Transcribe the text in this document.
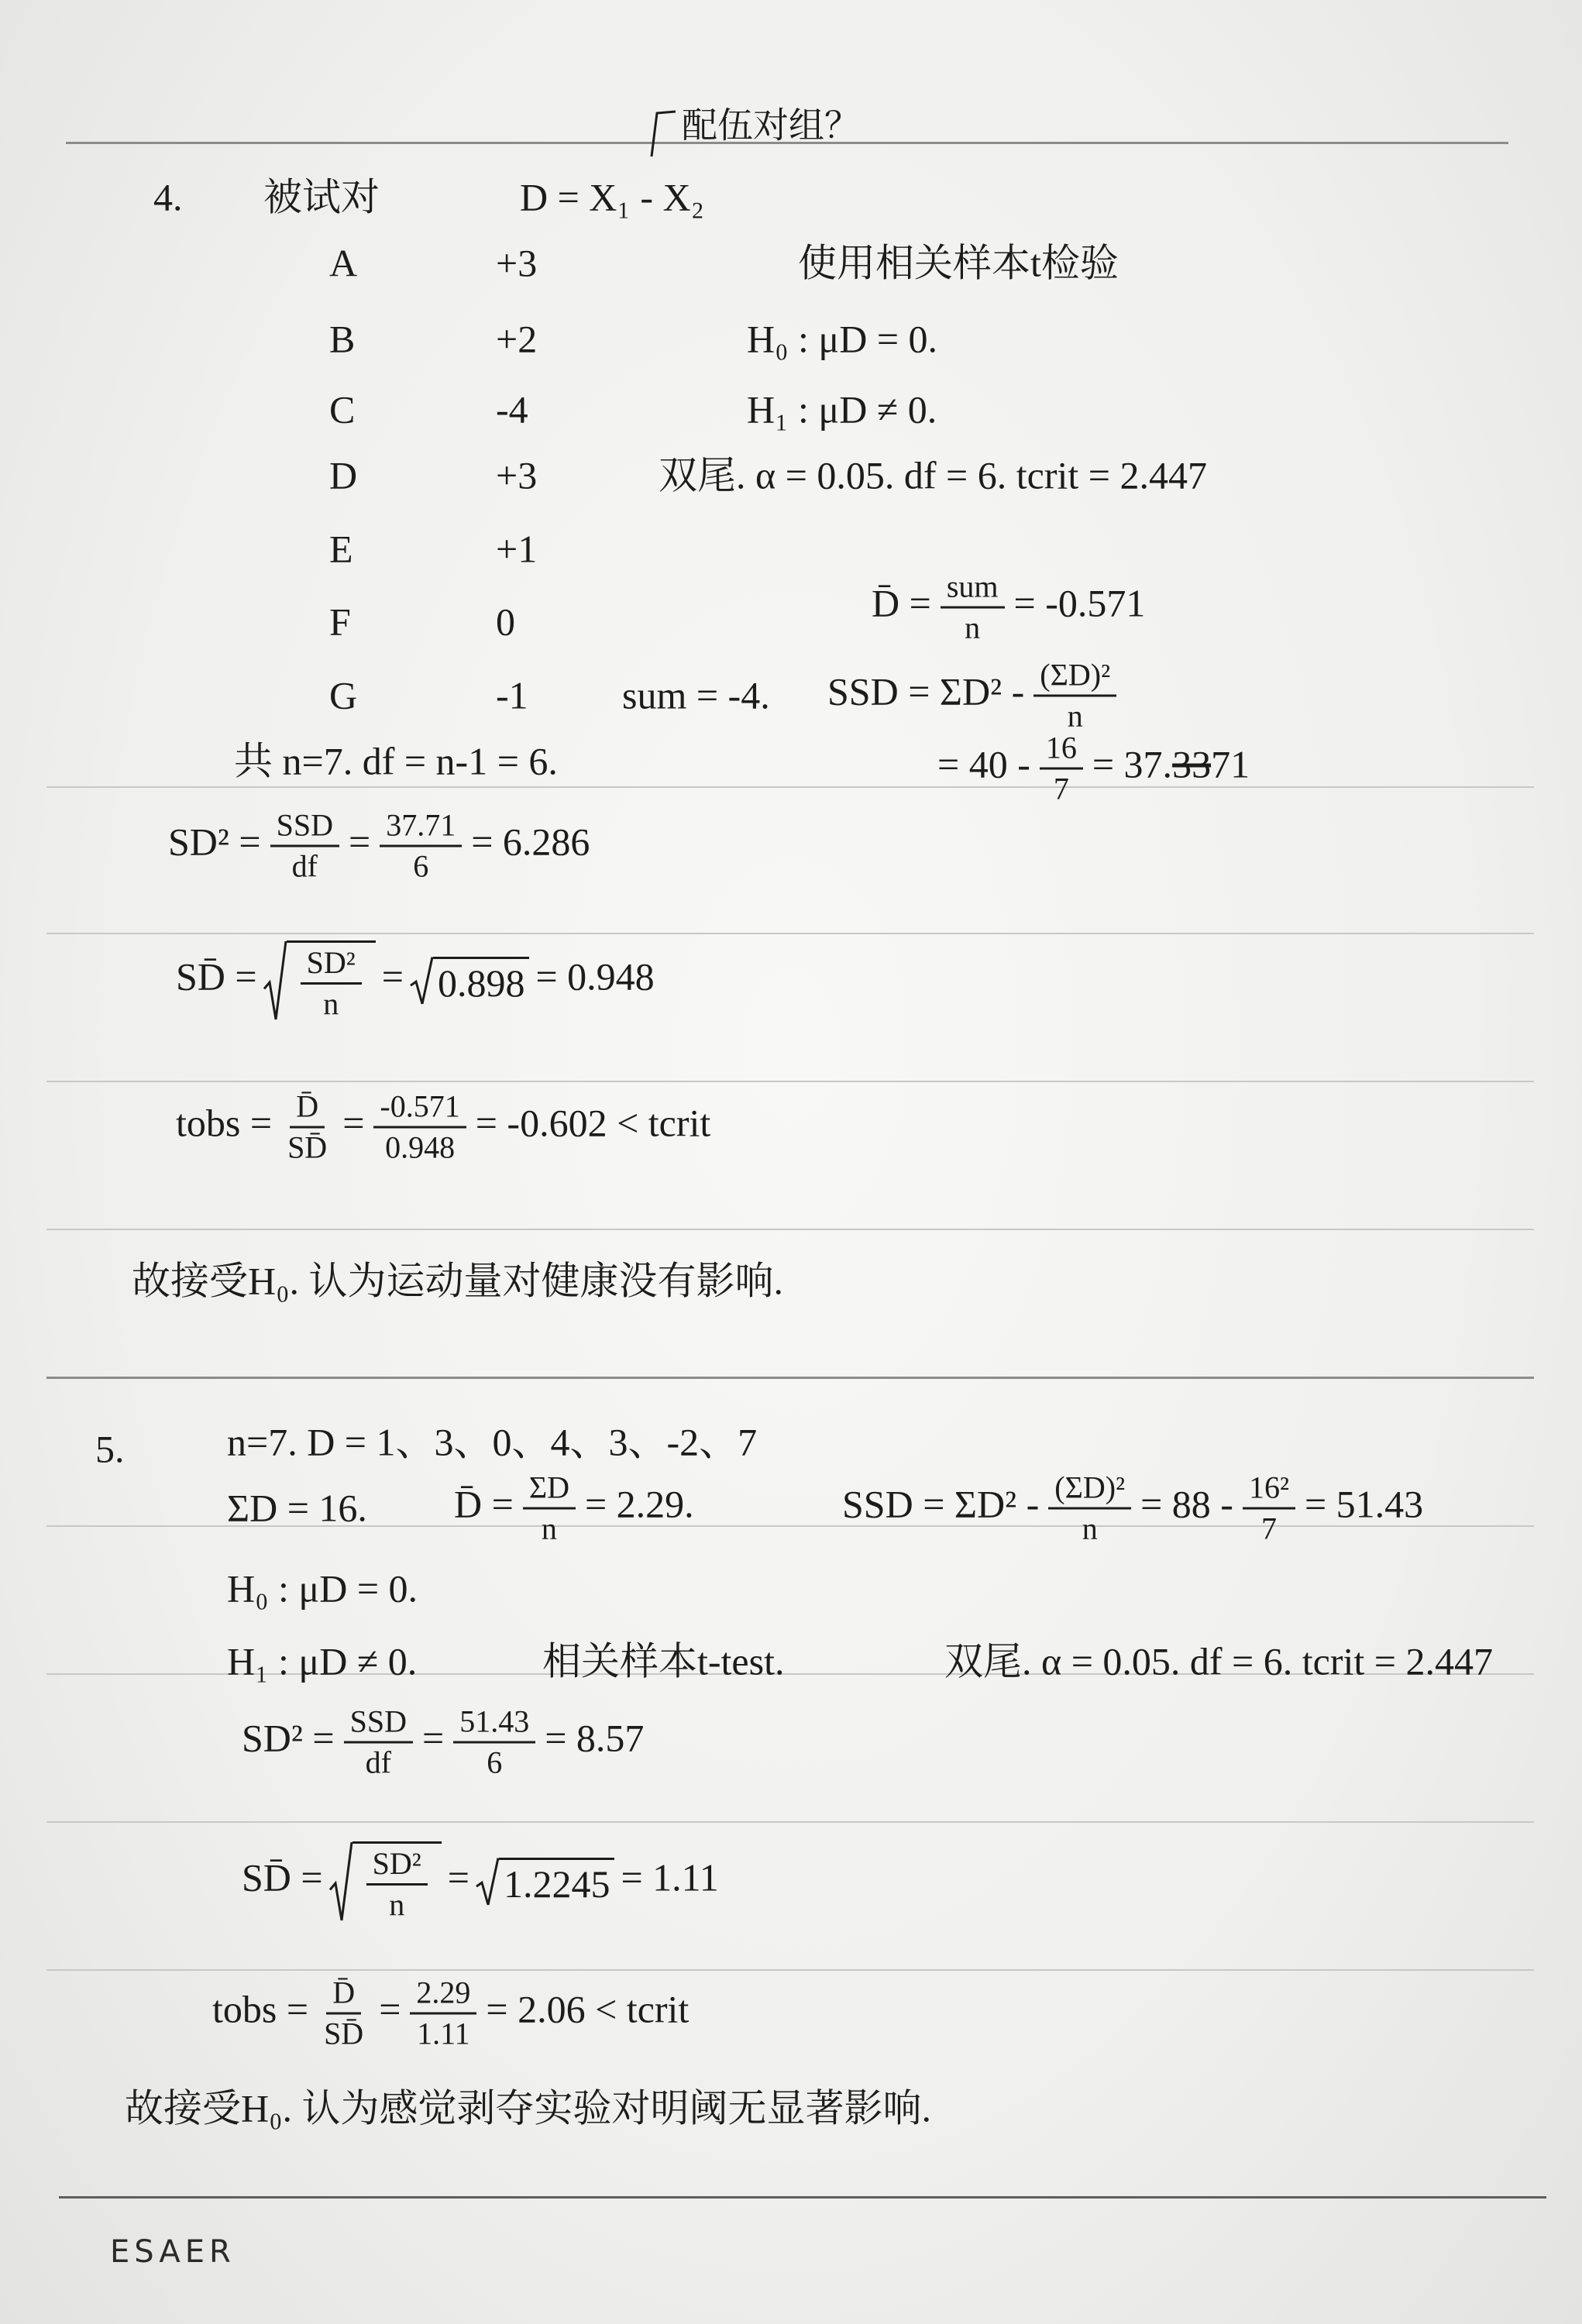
配伍对组？
4. 被试对	D = X₁ - X₂
A	+3
B	+2
C	-4
D	+3
E	+1
F	0
G	-1
使用相关样本t检验
H₀ : μD = 0.
H₁ : μD ≠ 0.
双尾. α = 0.05. df = 6. tcrit = 2.447
D̄ = $\frac{\text{sum}}{n} = -0.571$
sum = -4. SSD = $\Sigma D^2 - \frac{\text{(ΣD)²}}{n}$
共 n=7. df = n-1 = 6.	= $40 - \frac{16}{7} = 37.3371$
$SD^2 = \frac{\text{SSD}}{df} = \frac{37.71}{6} = 6.286$
SD̄ = $\frac{\text{SD²}}{n} = 0.898 = 0.948$
tobs = $\frac{D̄}{SD̄} = \frac{-0.571}{0.948} = -0.602$ < tcrit
故接受H₀. 认为运动量对健康没有影响.
5.	n=7. D = 1、3、0、4、3、-2、7
ΣD = 16. D̄ = $\frac{\Sigma D}{n} = 2.29$.	SSD = $\Sigma D^2 - \frac{\text{(ΣD)²}}{n} = 88 - \frac{\text{16²}}{7} = 51.43$
H₀ : μD = 0.
H₁ : μD ≠ 0.	相关样本t-test.	双尾. α = 0.05. df = 6. tcrit = 2.447
$SD^2 = \frac{\text{SSD}}{df} = \frac{51.43}{6} = 8.57$
SD̄ = $\frac{\text{SD²}}{n} = 1.2245 = 1.11$
tobs = $\frac{D̄}{SD̄} = \frac{2.29}{1.11} = 2.06$ < tcrit
故接受H₀. 认为感觉剥夺实验对明阈无显著影响.
ESAER
